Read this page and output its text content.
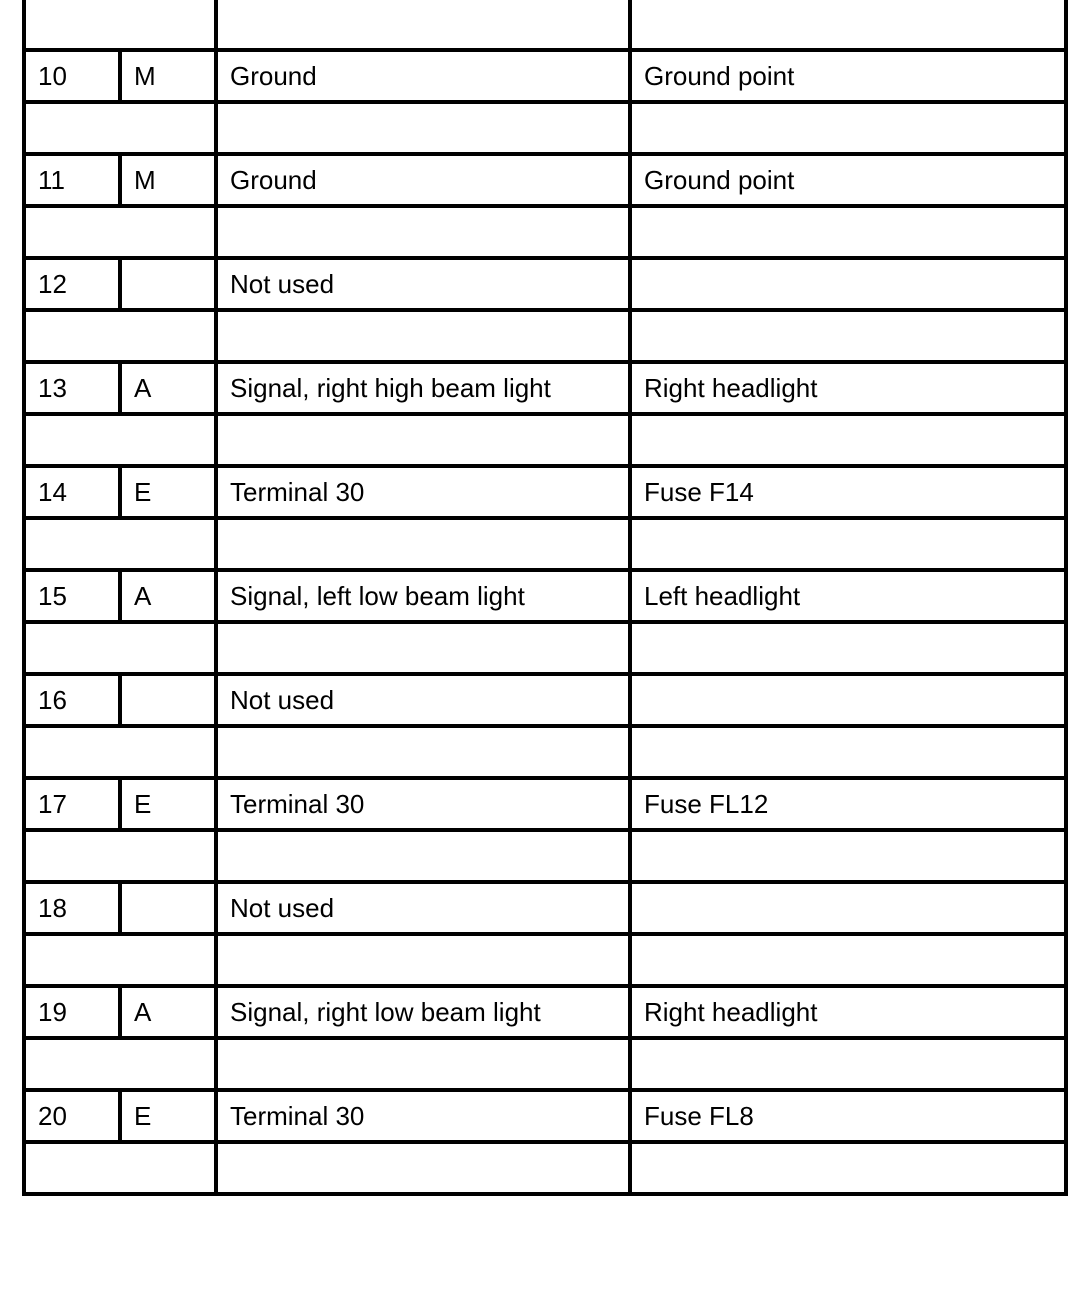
10	M	Ground	Ground point

11	M	Ground	Ground point

12		Not used	

13	A	Signal, right high beam light	Right headlight

14	E	Terminal 30	Fuse F14

15	A	Signal, left low beam light	Left headlight

16		Not used	

17	E	Terminal 30	Fuse FL12

18		Not used	

19	A	Signal, right low beam light	Right headlight

20	E	Terminal 30	Fuse FL8
